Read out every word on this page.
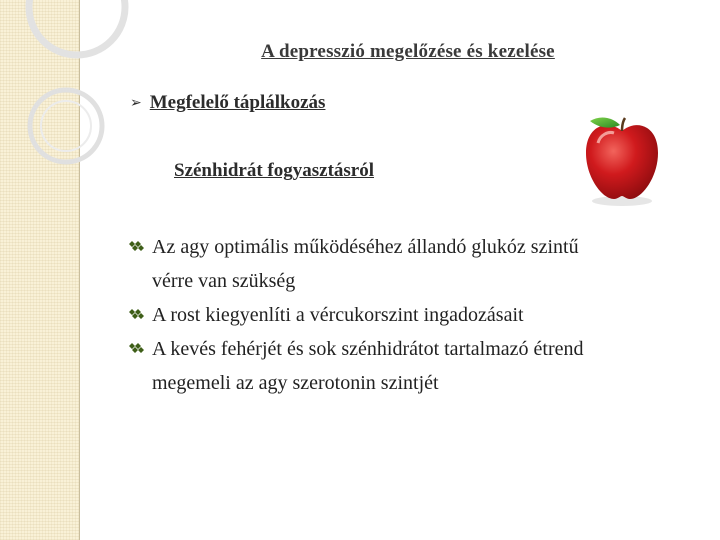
A depresszió megelőzése és kezelése
➢ Megfelelő táplálkozás
Szénhidrát fogyasztásról
Az agy optimális működéséhez állandó glukóz szintű
vérre van szükség
A rost kiegyenlíti a vércukorszint ingadozásait
A kevés fehérjét és sok szénhidrátot tartalmazó étrend
megemeli az agy szerotonin szintjét
